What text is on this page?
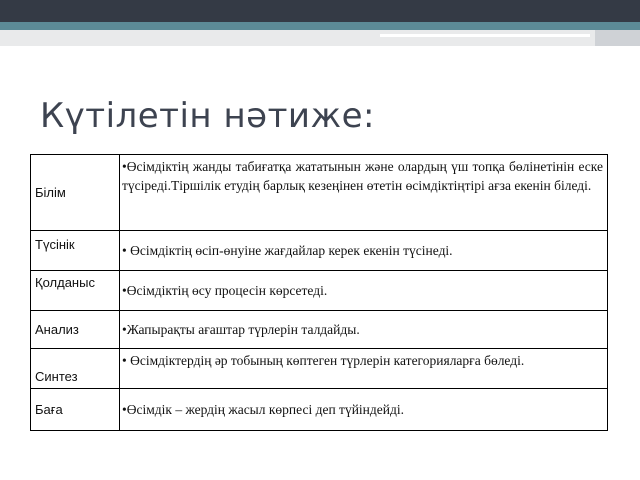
Күтілетін нәтиже:
Білім	•Өсімдіктің жанды табиғатқа жататынын және олардың үш топқа бөлінетінін еске түсіреді.Тіршілік етудің барлық кезеңінен өтетін өсімдіктіңтірі ағза екенін біледі.
Түсінік	• Өсімдіктің өсіп-өнуіне жағдайлар керек екенін түсінеді.
Қолданыс	•Өсімдіктің өсу процесін көрсетеді.
Анализ	•Жапырақты ағаштар түрлерін талдайды.
Синтез	• Өсімдіктердің әр тобының көптеген түрлерін категорияларға бөледі.
Баға	•Өсімдік – жердің жасыл көрпесі деп түйіндейді.
